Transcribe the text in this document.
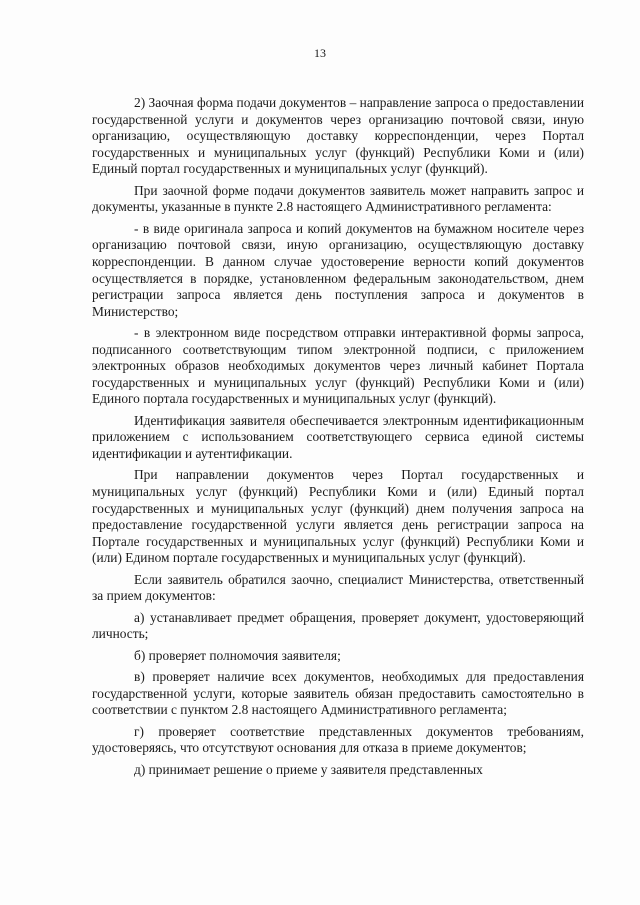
13

2) Заочная форма подачи документов – направление запроса о предоставлении государственной услуги и документов через организацию почтовой связи, иную организацию, осуществляющую доставку корреспонденции, через Портал государственных и муниципальных услуг (функций) Республики Коми и (или) Единый портал государственных и муниципальных услуг (функций).

При заочной форме подачи документов заявитель может направить запрос и документы, указанные в пункте 2.8 настоящего Административного регламента:

- в виде оригинала запроса и копий документов на бумажном носителе через организацию почтовой связи, иную организацию, осуществляющую доставку корреспонденции. В данном случае удостоверение верности копий документов осуществляется в порядке, установленном федеральным законодательством, днем регистрации запроса является день поступления запроса и документов в Министерство;

- в электронном виде посредством отправки интерактивной формы запроса, подписанного соответствующим типом электронной подписи, с приложением электронных образов необходимых документов через личный кабинет Портала государственных и муниципальных услуг (функций) Республики Коми и (или) Единого портала государственных и муниципальных услуг (функций).

Идентификация заявителя обеспечивается электронным идентификационным приложением с использованием соответствующего сервиса единой системы идентификации и аутентификации.

При направлении документов через Портал государственных и муниципальных услуг (функций) Республики Коми и (или) Единый портал государственных и муниципальных услуг (функций) днем получения запроса на предоставление государственной услуги является день регистрации запроса на Портале государственных и муниципальных услуг (функций) Республики Коми и (или) Едином портале государственных и муниципальных услуг (функций).

Если заявитель обратился заочно, специалист Министерства, ответственный за прием документов:

а) устанавливает предмет обращения, проверяет документ, удостоверяющий личность;

б) проверяет полномочия заявителя;

в) проверяет наличие всех документов, необходимых для предоставления государственной услуги, которые заявитель обязан предоставить самостоятельно в соответствии с пунктом 2.8 настоящего Административного регламента;

г) проверяет соответствие представленных документов требованиям, удостоверяясь, что отсутствуют основания для отказа в приеме документов;

д) принимает решение о приеме у заявителя представленных
